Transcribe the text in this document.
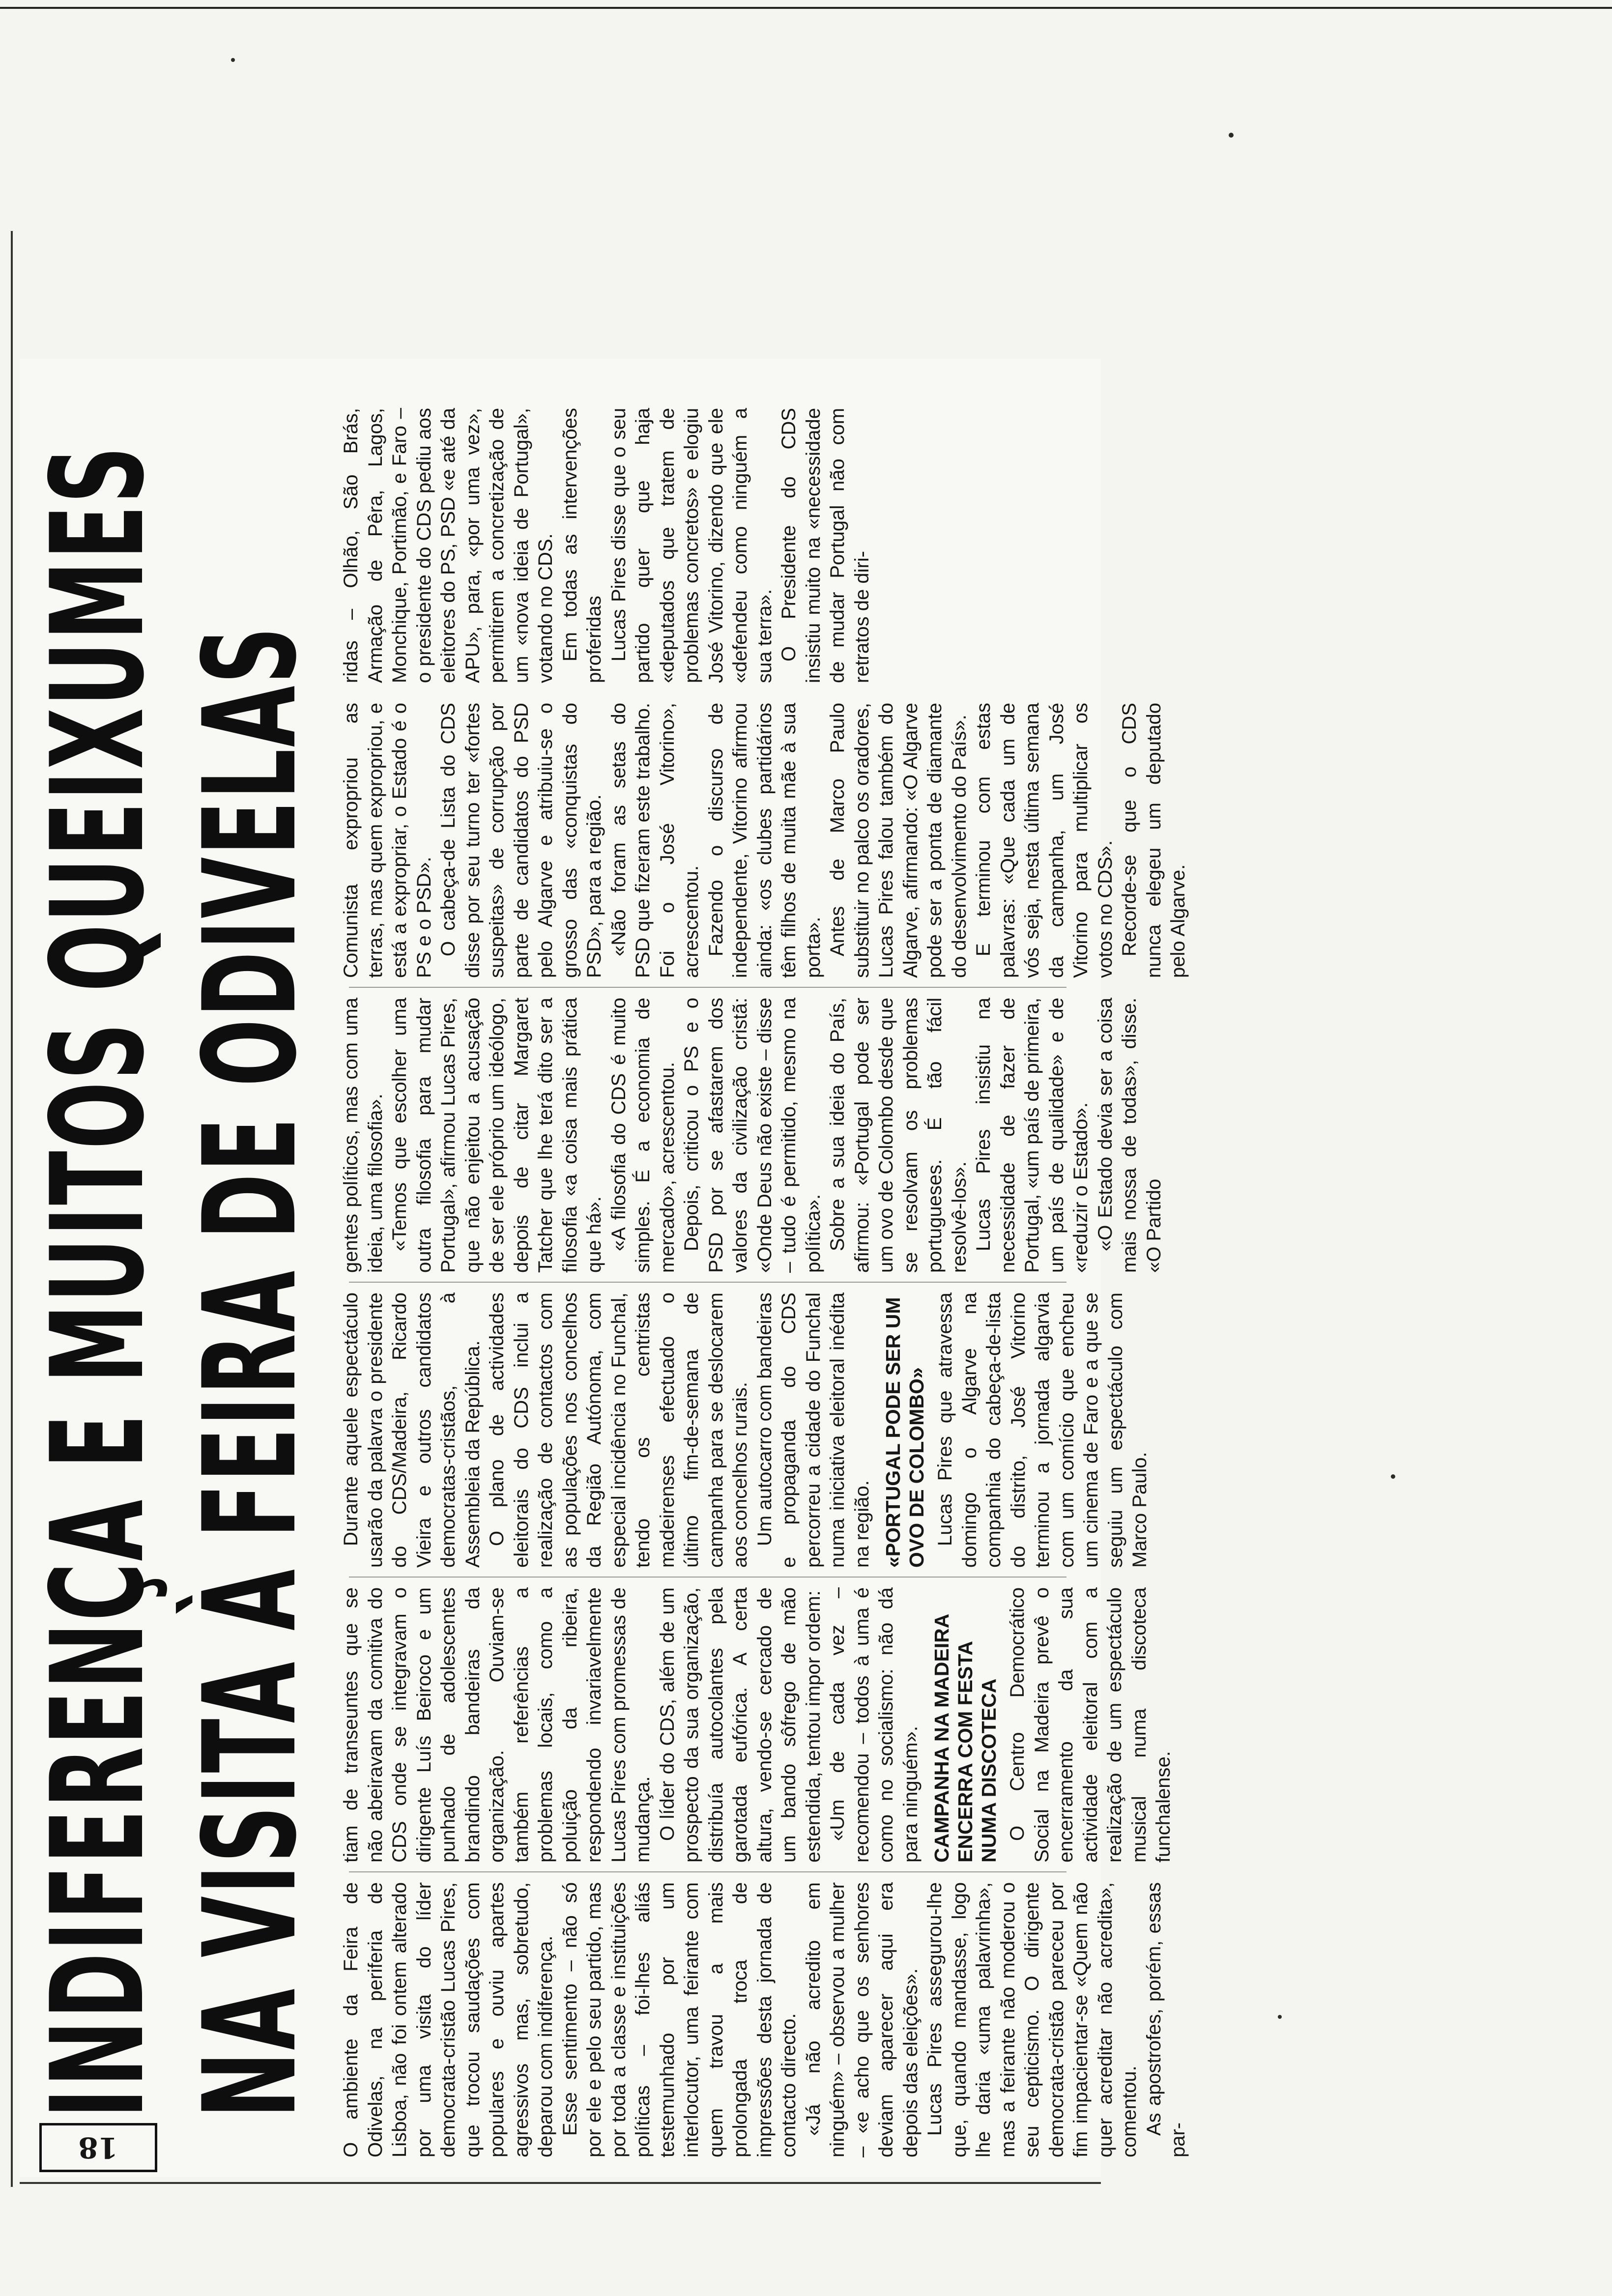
18
INDIFERENÇA E MUITOS QUEIXUMES NA VISITA À FEIRA DE ODIVELAS O ambiente da Feira de Odivelas, na periferia de Lisboa, não foi ontem alterado por uma visita do líder democrata-cristão Lucas Pires, que trocou saudações com populares e ouviu apartes agressivos mas, sobretudo, deparou com indiferença. Esse sentimento – não só por ele e pelo seu partido, mas por toda a classe e instituições políticas – foi-lhes aliás testemunhado por um interlocutor, uma feirante com quem travou a mais prolongada troca de impressões desta jornada de contacto directo. «Já não acredito em ninguém» – observou a mulher – «e acho que os senhores deviam aparecer aqui era depois das eleições». Lucas Pires assegurou-lhe que, quando mandasse, logo lhe daria «uma palavrinha», mas a feirante não moderou o seu cepticismo. O dirigente democrata-cristão pareceu por fim impacientar-se «Quem não quer acreditar não acredita», comentou. As apostrofes, porém, essas par-

tiam de transeuntes que se não abeiravam da comitiva do CDS onde se integravam o dirigente Luís Beiroco e um punhado de adolescentes brandindo bandeiras da organização. Ouviam-se também referências a problemas locais, como a poluição da ribeira, respondendo invariavelmente Lucas Pires com promessas de mudança. O líder do CDS, além de um prospecto da sua organização, distribuía autocolantes pela garotada eufórica. A certa altura, vendo-se cercado de um bando sôfrego de mão estendida, tentou impor ordem: «Um de cada vez – recomendou – todos à uma é como no socialismo: não dá para ninguém». CAMPANHA NA MADEIRA ENCERRA COM FESTA NUMA DISCOTECA O Centro Democrático Social na Madeira prevê o encerramento da sua actividade eleitoral com a realização de um espectáculo musical numa discoteca funchalense.

Durante aquele espectáculo usarão da palavra o presidente do CDS/Madeira, Ricardo Vieira e outros candidatos democratas-cristãos, à Assembleia da República. O plano de actividades eleitorais do CDS inclui a realização de contactos com as populações nos concelhos da Região Autónoma, com especial incidência no Funchal, tendo os centristas madeirenses efectuado o último fim-de-semana de campanha para se deslocarem aos concelhos rurais. Um autocarro com bandeiras e propaganda do CDS percorreu a cidade do Funchal numa iniciativa eleitoral inédita na região. «PORTUGAL PODE SER UM OVO DE COLOMBO» Lucas Pires que atravessa domingo o Algarve na companhia do cabeça-de-lista do distrito, José Vitorino terminou a jornada algarvia com um comício que encheu um cinema de Faro e a que se seguiu um espectáculo com Marco Paulo.

gentes políticos, mas com uma ideia, uma filosofia». «Temos que escolher uma outra filosofia para mudar Portugal», afirmou Lucas Pires, que não enjeitou a acusação de ser ele próprio um ideólogo, depois de citar Margaret Tatcher que lhe terá dito ser a filosofia «a coisa mais prática que há». «A filosofia do CDS é muito simples. É a economia de mercado», acrescentou. Depois, criticou o PS e o PSD por se afastarem dos valores da civilização cristã: «Onde Deus não existe – disse – tudo é permitido, mesmo na política». Sobre a sua ideia do País, afirmou: «Portugal pode ser um ovo de Colombo desde que se resolvam os problemas portugueses. É tão fácil resolvê-los». Lucas Pires insistiu na necessidade de fazer de Portugal, «um país de primeira, um país de qualidade» e de «reduzir o Estado». «O Estado devia ser a coisa mais nossa de todas», disse. «O Partido

Comunista expropriou as terras, mas quem expropriou, e está a expropriar, o Estado é o PS e o PSD». O cabeça-de Lista do CDS disse por seu turno ter «fortes suspeitas» de corrupção por parte de candidatos do PSD pelo Algarve e atribuiu-se o grosso das «conquistas do PSD», para a região. «Não foram as setas do PSD que fizeram este trabalho. Foi o José Vitorino», acrescentou. Fazendo o discurso de independente, Vitorino afirmou ainda: «os clubes partidários têm filhos de muita mãe à sua porta». Antes de Marco Paulo substituir no palco os oradores, Lucas Pires falou também do Algarve, afirmando: «O Algarve pode ser a ponta de diamante do desenvolvimento do País». E terminou com estas palavras: «Que cada um de vós seja, nesta última semana da campanha, um José Vitorino para multiplicar os votos no CDS». Recorde-se que o CDS nunca elegeu um deputado pelo Algarve.

ridas – Olhão, São Brás, Armação de Pêra, Lagos, Monchique, Portimão, e Faro – o presidente do CDS pediu aos eleitores do PS, PSD «e até da APU», para, «por uma vez», permitirem a concretização de um «nova ideia de Portugal», votando no CDS. Em todas as intervenções proferidas Lucas Pires disse que o seu partido quer que haja «deputados que tratem de problemas concretos» e elogiu José Vitorino, dizendo que ele «defendeu como ninguém a sua terra». O Presidente do CDS insistiu muito na «necessidade de mudar Portugal não com retratos de diri-
